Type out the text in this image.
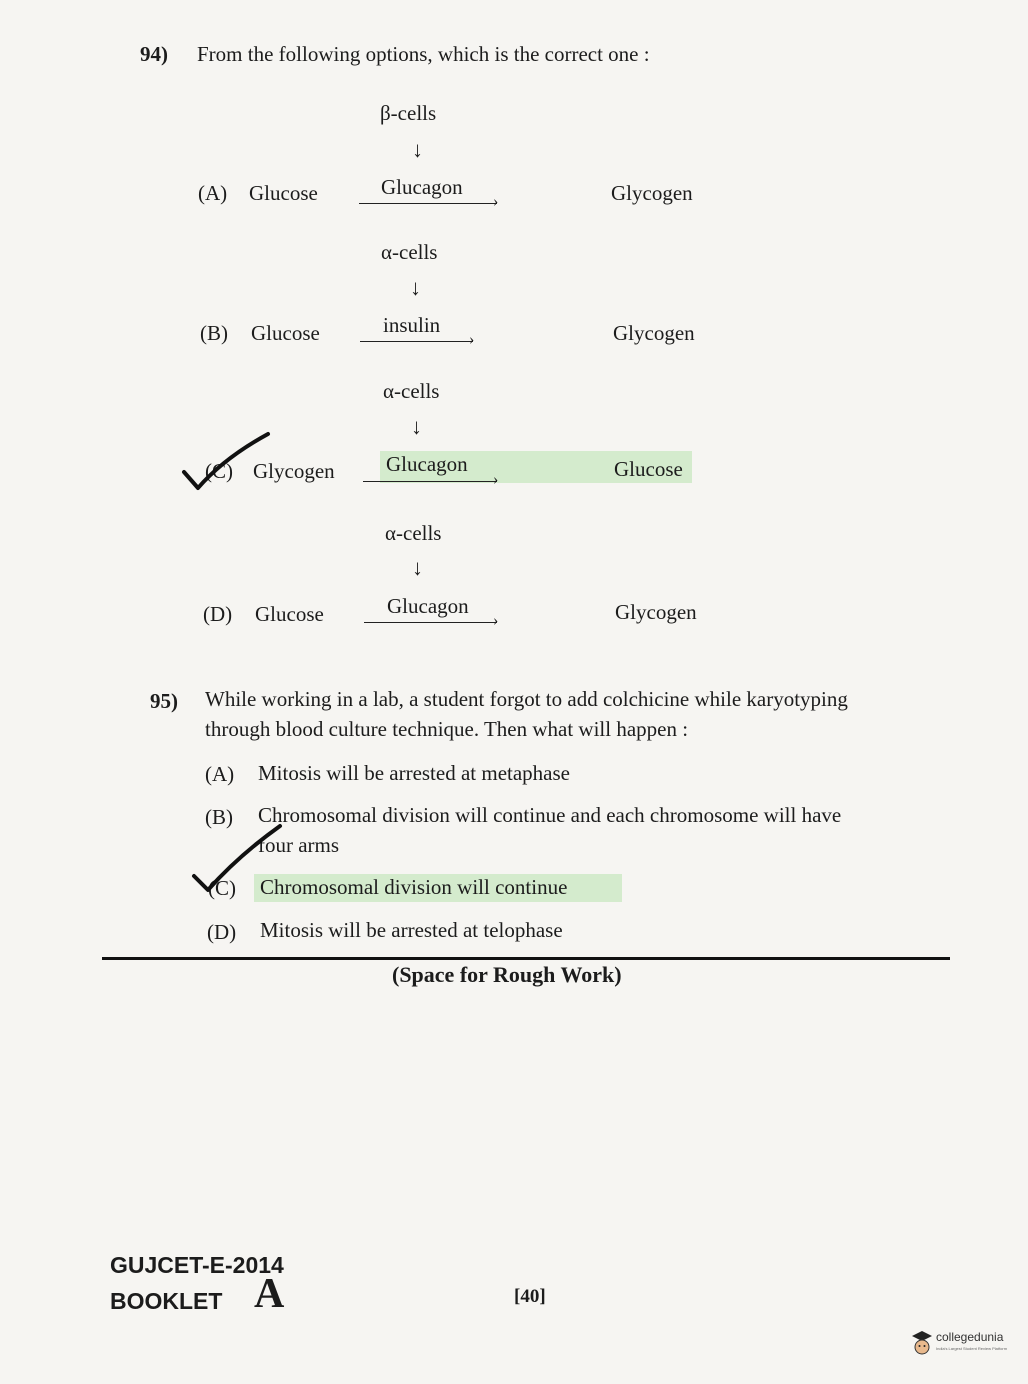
94) From the following options, which is the correct one :
β-cells
↓
(A) Glucose	Glucagon
›	Glycogen
α-cells
↓
(B) Glucose	insulin
›	Glycogen
α-cells
↓
(C) Glycogen Glucagon
›	Glucose
α-cells
↓
(D) Glucose	Glucagon
›	Glycogen
95) While working in a lab, a student forgot to add colchicine while karyotyping
through blood culture technique. Then what will happen :
(A) Mitosis will be arrested at metaphase
(B) Chromosomal division will continue and each chromosome will have
four arms
(C) Chromosomal division will continue
(D) Mitosis will be arrested at telophase
(Space for Rough Work)
GUJCET-E-2014
BOOKLET A	[40]
collegedunia
India's Largest Student Review Platform
